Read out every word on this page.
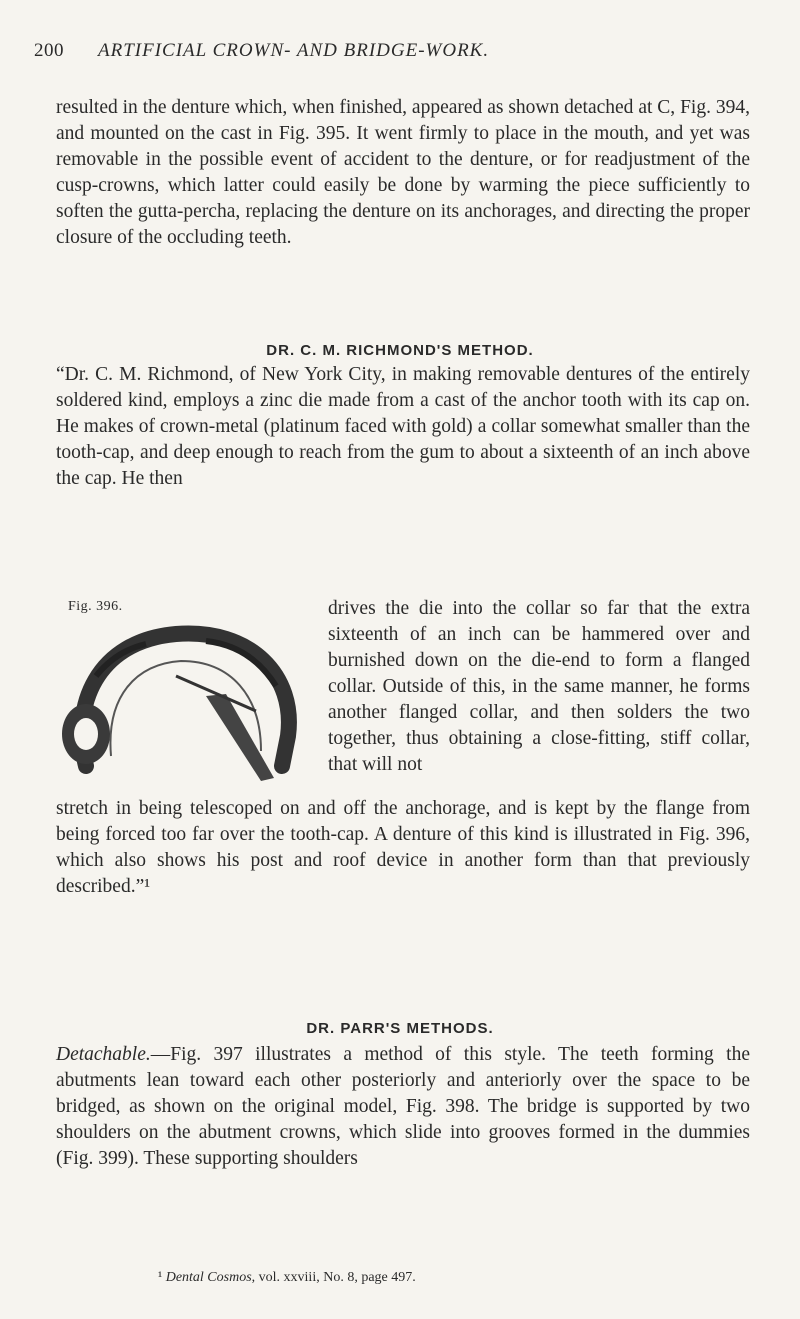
200 ARTIFICIAL CROWN- AND BRIDGE-WORK.
resulted in the denture which, when finished, appeared as shown detached at C, Fig. 394, and mounted on the cast in Fig. 395. It went firmly to place in the mouth, and yet was removable in the possible event of accident to the denture, or for readjustment of the cusp-crowns, which latter could easily be done by warming the piece sufficiently to soften the gutta-percha, replacing the denture on its anchorages, and directing the proper closure of the occluding teeth.
DR. C. M. RICHMOND'S METHOD.
“Dr. C. M. Richmond, of New York City, in making removable dentures of the entirely soldered kind, employs a zinc die made from a cast of the anchor tooth with its cap on. He makes of crown-metal (platinum faced with gold) a collar somewhat smaller than the tooth-cap, and deep enough to reach from the gum to about a sixteenth of an inch above the cap. He then
Fig. 396.	drives the die into the collar so far that the extra sixteenth of an inch can be hammered over and burnished down on the die-end to form a flanged collar. Outside of this, in the same manner, he forms another flanged collar, and then solders the two together, thus obtaining a close-fitting, stiff collar, that will not
stretch in being telescoped on and off the anchorage, and is kept by the flange from being forced too far over the tooth-cap. A denture of this kind is illustrated in Fig. 396, which also shows his post and roof device in another form than that previously described.”¹
DR. PARR'S METHODS.
Detachable.—Fig. 397 illustrates a method of this style. The teeth forming the abutments lean toward each other posteriorly and anteriorly over the space to be bridged, as shown on the original model, Fig. 398. The bridge is supported by two shoulders on the abutment crowns, which slide into grooves formed in the dummies (Fig. 399). These supporting shoulders
¹ Dental Cosmos, vol. xxviii, No. 8, page 497.
